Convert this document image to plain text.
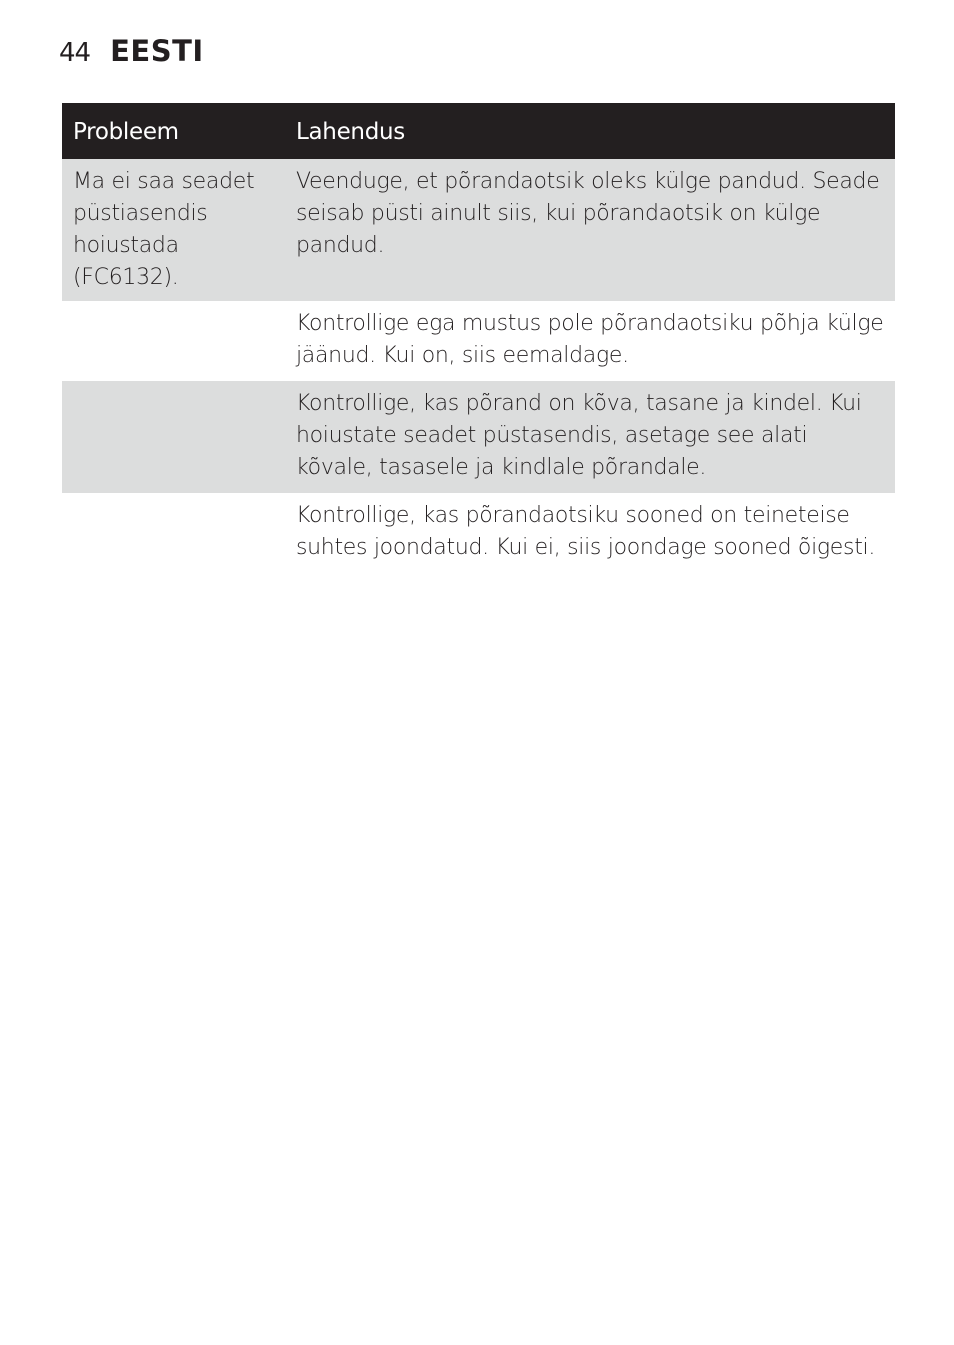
44 EESTI
Probleem	Lahendus
Ma ei saa seadet püstiasendis hoiustada (FC6132).
Veenduge, et põrandaotsik oleks külge pandud. Seade seisab püsti ainult siis, kui põrandaotsik on külge pandud.
Kontrollige ega mustus pole põrandaotsiku põhja külge jäänud. Kui on, siis eemaldage.
Kontrollige, kas põrand on kõva, tasane ja kindel. Kui hoiustate seadet püstasendis, asetage see alati kõvale, tasasele ja kindlale põrandale.
Kontrollige, kas põrandaotsiku sooned on teineteise suhtes joondatud. Kui ei, siis joondage sooned õigesti.
